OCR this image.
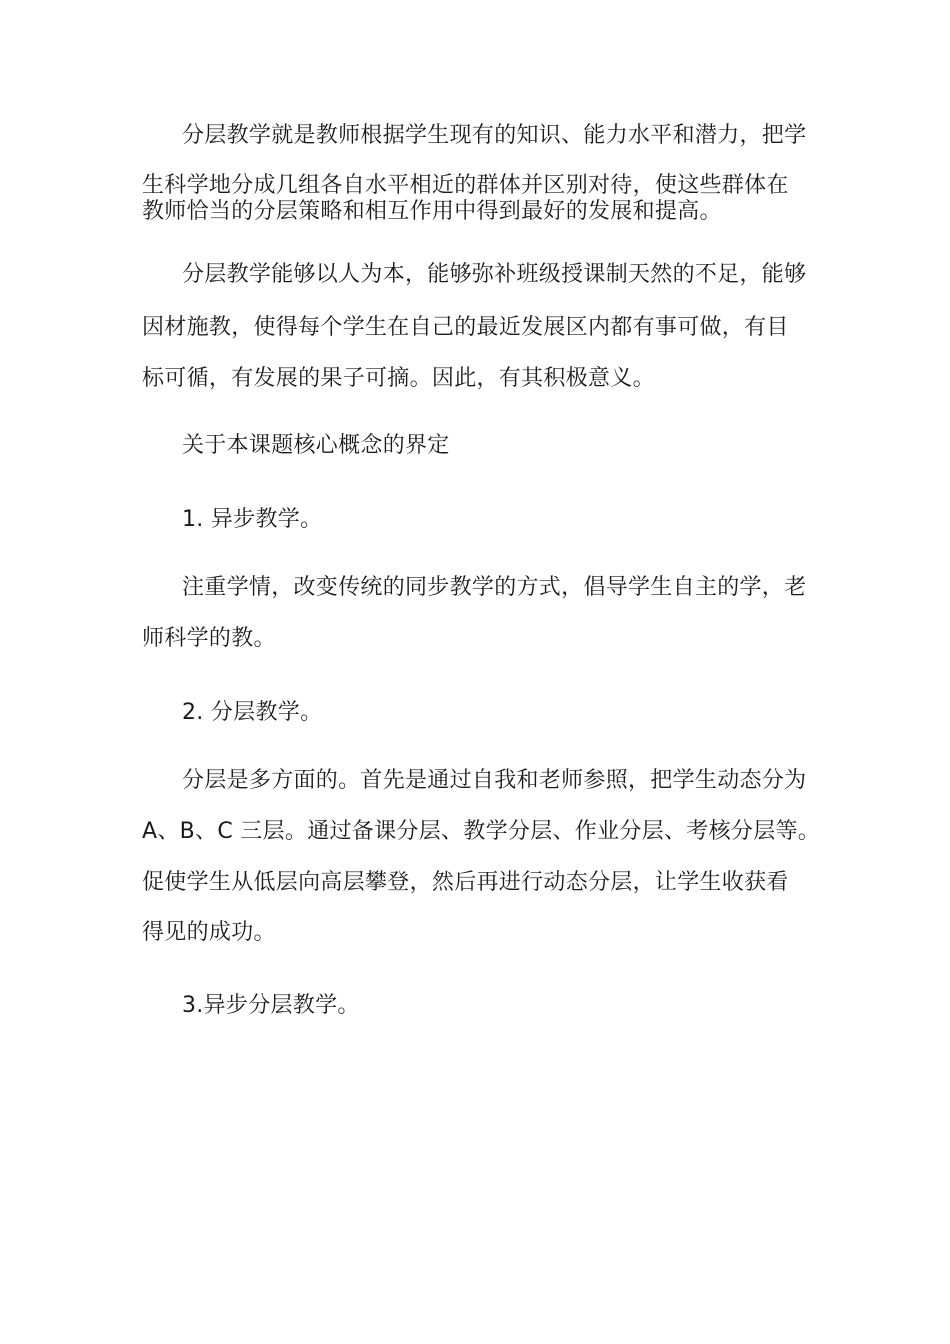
分层教学就是教师根据学生现有的知识、能力水平和潜力，把学
生科学地分成几组各自水平相近的群体并区别对待，使这些群体在
教师恰当的分层策略和相互作用中得到最好的发展和提高。
分层教学能够以人为本，能够弥补班级授课制天然的不足，能够
因材施教，使得每个学生在自己的最近发展区内都有事可做，有目
标可循，有发展的果子可摘。因此，有其积极意义。
关于本课题核心概念的界定
1. 异步教学。
注重学情，改变传统的同步教学的方式，倡导学生自主的学，老
师科学的教。
2. 分层教学。
分层是多方面的。首先是通过自我和老师参照，把学生动态分为
A、B、C 三层。通过备课分层、教学分层、作业分层、考核分层等。
促使学生从低层向高层攀登，然后再进行动态分层，让学生收获看
得见的成功。
3.异步分层教学。
